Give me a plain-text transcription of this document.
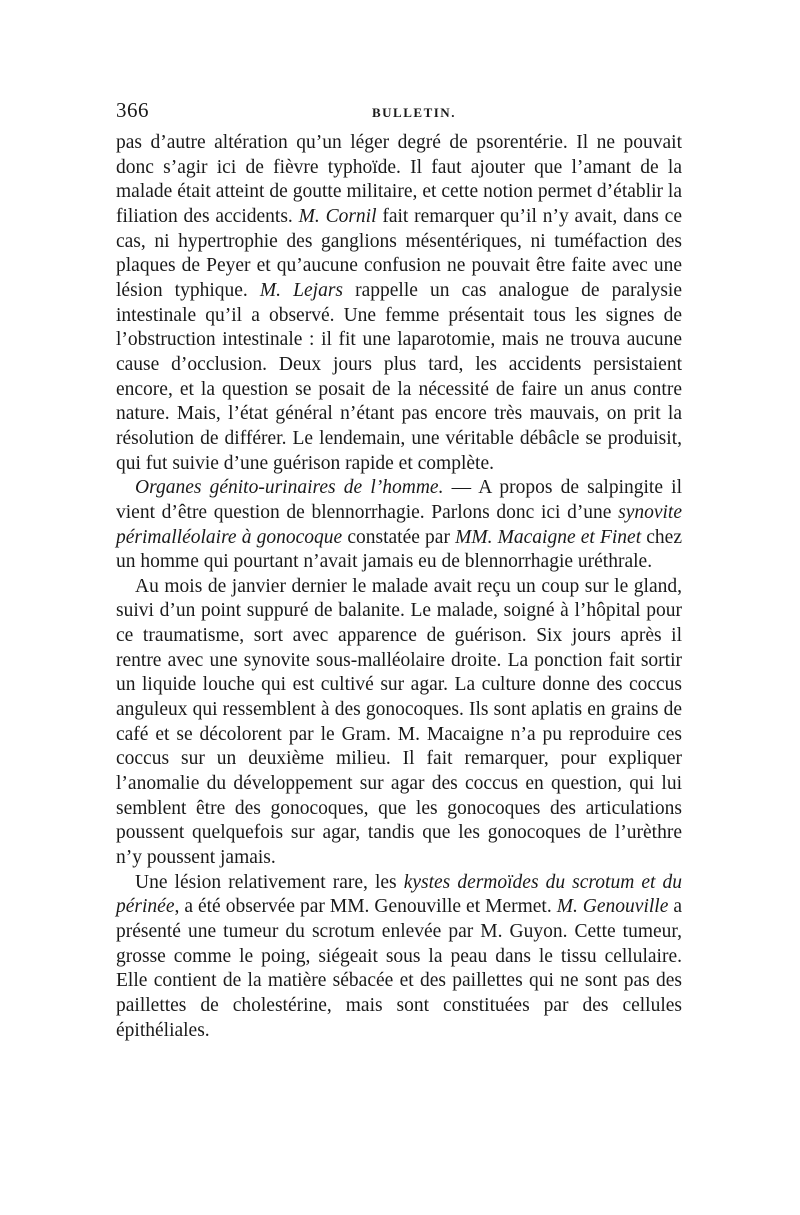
366	BULLETIN.

pas d’autre altération qu’un léger degré de psorentérie. Il ne pouvait donc s’agir ici de fièvre typhoïde. Il faut ajouter que l’amant de la malade était atteint de goutte militaire, et cette notion permet d’établir la filiation des accidents. M. Cornil fait remarquer qu’il n’y avait, dans ce cas, ni hypertrophie des ganglions mésentériques, ni tuméfaction des plaques de Peyer et qu’aucune confusion ne pouvait être faite avec une lésion typhique. M. Lejars rappelle un cas analogue de paralysie intestinale qu’il a observé. Une femme présentait tous les signes de l’obstruction intestinale : il fit une laparotomie, mais ne trouva aucune cause d’occlusion. Deux jours plus tard, les accidents persistaient encore, et la question se posait de la nécessité de faire un anus contre nature. Mais, l’état général n’étant pas encore très mauvais, on prit la résolution de différer. Le lendemain, une véritable débâcle se produisit, qui fut suivie d’une guérison rapide et complète.

Organes génito-urinaires de l’homme. — A propos de salpingite il vient d’être question de blennorrhagie. Parlons donc ici d’une synovite périmalléolaire à gonocoque constatée par MM. Macaigne et Finet chez un homme qui pourtant n’avait jamais eu de blennorrhagie uréthrale.

Au mois de janvier dernier le malade avait reçu un coup sur le gland, suivi d’un point suppuré de balanite. Le malade, soigné à l’hôpital pour ce traumatisme, sort avec apparence de guérison. Six jours après il rentre avec une synovite sous-malléolaire droite. La ponction fait sortir un liquide louche qui est cultivé sur agar. La culture donne des coccus anguleux qui ressemblent à des gonocoques. Ils sont aplatis en grains de café et se décolorent par le Gram. M. Macaigne n’a pu reproduire ces coccus sur un deuxième milieu. Il fait remarquer, pour expliquer l’anomalie du développement sur agar des coccus en question, qui lui semblent être des gonocoques, que les gonocoques des articulations poussent quelquefois sur agar, tandis que les gonocoques de l’urèthre n’y poussent jamais.

Une lésion relativement rare, les kystes dermoïdes du scrotum et du périnée, a été observée par MM. Genouville et Mermet. M. Genouville a présenté une tumeur du scrotum enlevée par M. Guyon. Cette tumeur, grosse comme le poing, siégeait sous la peau dans le tissu cellulaire. Elle contient de la matière sébacée et des paillettes qui ne sont pas des paillettes de cholestérine, mais sont constituées par des cellules épithéliales.
